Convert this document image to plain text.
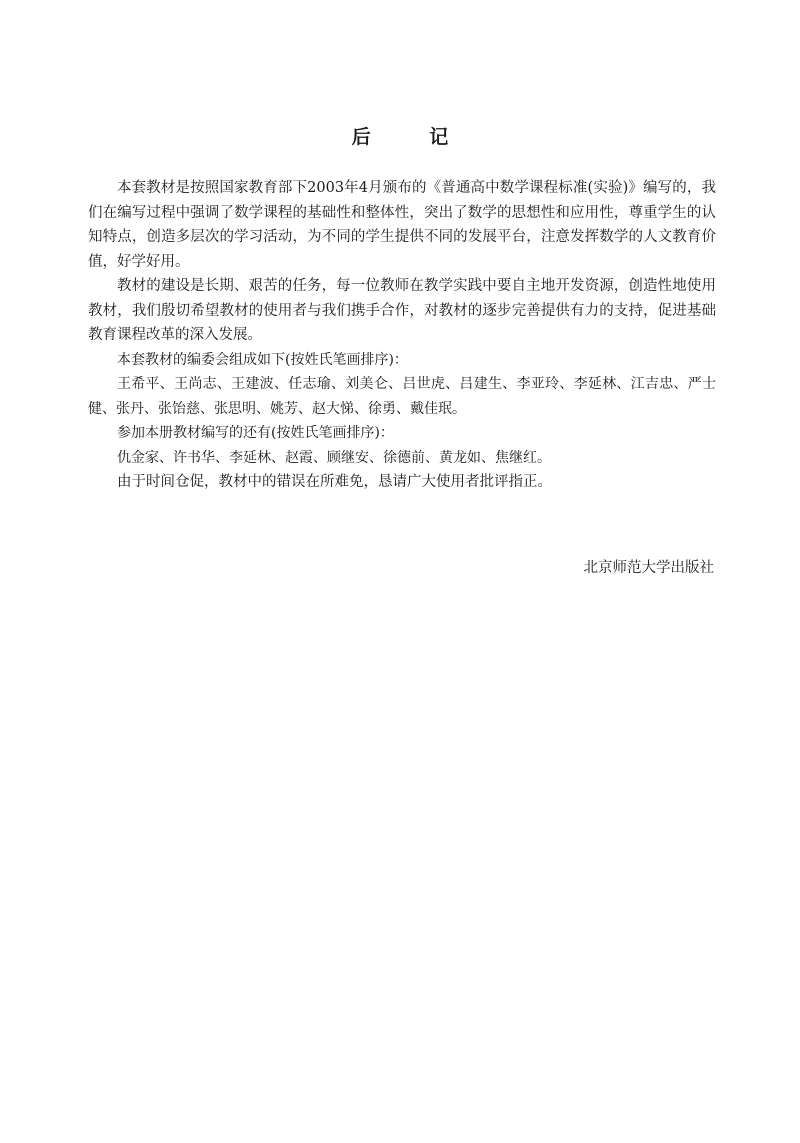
后 记

本套教材是按照国家教育部下2003年4月颁布的《普通高中数学课程标准(实验)》编写的，我们在编写过程中强调了数学课程的基础性和整体性，突出了数学的思想性和应用性，尊重学生的认知特点，创造多层次的学习活动，为不同的学生提供不同的发展平台，注意发挥数学的人文教育价值，好学好用。

教材的建设是长期、艰苦的任务，每一位教师在教学实践中要自主地开发资源，创造性地使用教材，我们殷切希望教材的使用者与我们携手合作，对教材的逐步完善提供有力的支持，促进基础教育课程改革的深入发展。

本套教材的编委会组成如下(按姓氏笔画排序)：

王希平、王尚志、王建波、任志瑜、刘美仑、吕世虎、吕建生、李亚玲、李延林、江吉忠、严士健、张丹、张饴慈、张思明、姚芳、赵大悌、徐勇、戴佳珉。

参加本册教材编写的还有(按姓氏笔画排序)：

仇金家、许书华、李延林、赵霞、顾继安、徐德前、黄龙如、焦继红。

由于时间仓促，教材中的错误在所难免，恳请广大使用者批评指正。

北京师范大学出版社
